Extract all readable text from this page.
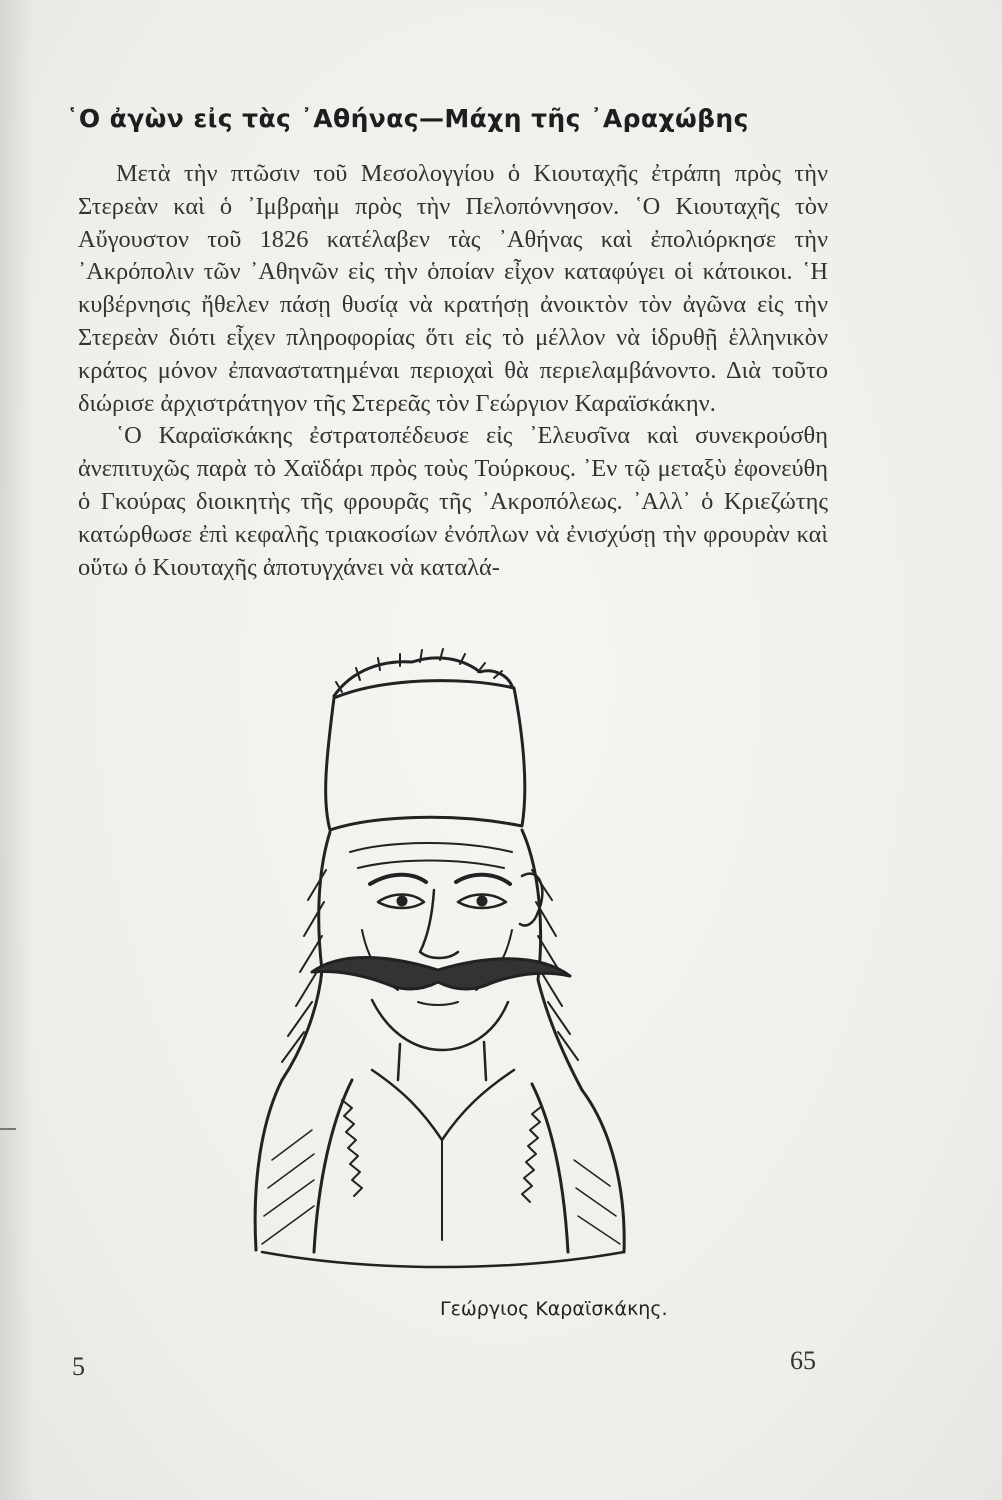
῾Ο ἀγὼν εἰς τὰς ᾿Αθήνας—Μάχη τῆς ᾿Αραχώβης

Μετὰ τὴν πτῶσιν τοῦ Μεσολογγίου ὁ Κιουταχῆς ἐτράπη πρὸς τὴν Στερεὰν καὶ ὁ ᾿Ιμβραὴμ πρὸς τὴν Πελοπόννησον. ῾Ο Κιουταχῆς τὸν Αὔγουστον τοῦ 1826 κατέλαβεν τὰς ᾿Αθήνας καὶ ἐπολιόρκησε τὴν ᾿Ακρόπολιν τῶν ᾿Αθηνῶν εἰς τὴν ὁποίαν εἶχον καταφύγει οἱ κάτοικοι. ῾Η κυβέρνησις ἤθελεν πάσῃ θυσίᾳ νὰ κρατήσῃ ἀνοικτὸν τὸν ἀγῶνα εἰς τὴν Στερεὰν διότι εἶχεν πληροφορίας ὅτι εἰς τὸ μέλλον νὰ ἱδρυθῇ ἑλληνικὸν κράτος μόνον ἐπαναστατημέναι περιοχαὶ θὰ περιελαμβάνοντο. Διὰ τοῦτο διώρισε ἀρχιστράτηγον τῆς Στερεᾶς τὸν Γεώργιον Καραϊσκάκην.

῾Ο Καραϊσκάκης ἐστρατοπέδευσε εἰς ᾿Ελευσῖνα καὶ συνεκρούσθη ἀνεπιτυχῶς παρὰ τὸ Χαϊδάρι πρὸς τοὺς Τούρκους. ᾿Εν τῷ μεταξὺ ἐφονεύθη ὁ Γκούρας διοικητὴς τῆς φρουρᾶς τῆς ᾿Ακροπόλεως. ᾿Αλλ᾿ ὁ Κριεζώτης κατώρθωσε ἐπὶ κεφαλῆς τριακοσίων ἐνόπλων νὰ ἐνισχύσῃ τὴν φρουρὰν καὶ οὕτω ὁ Κιουταχῆς ἀποτυγχάνει νὰ καταλά-

Γεώργιος Καραϊσκάκης.
5	65
